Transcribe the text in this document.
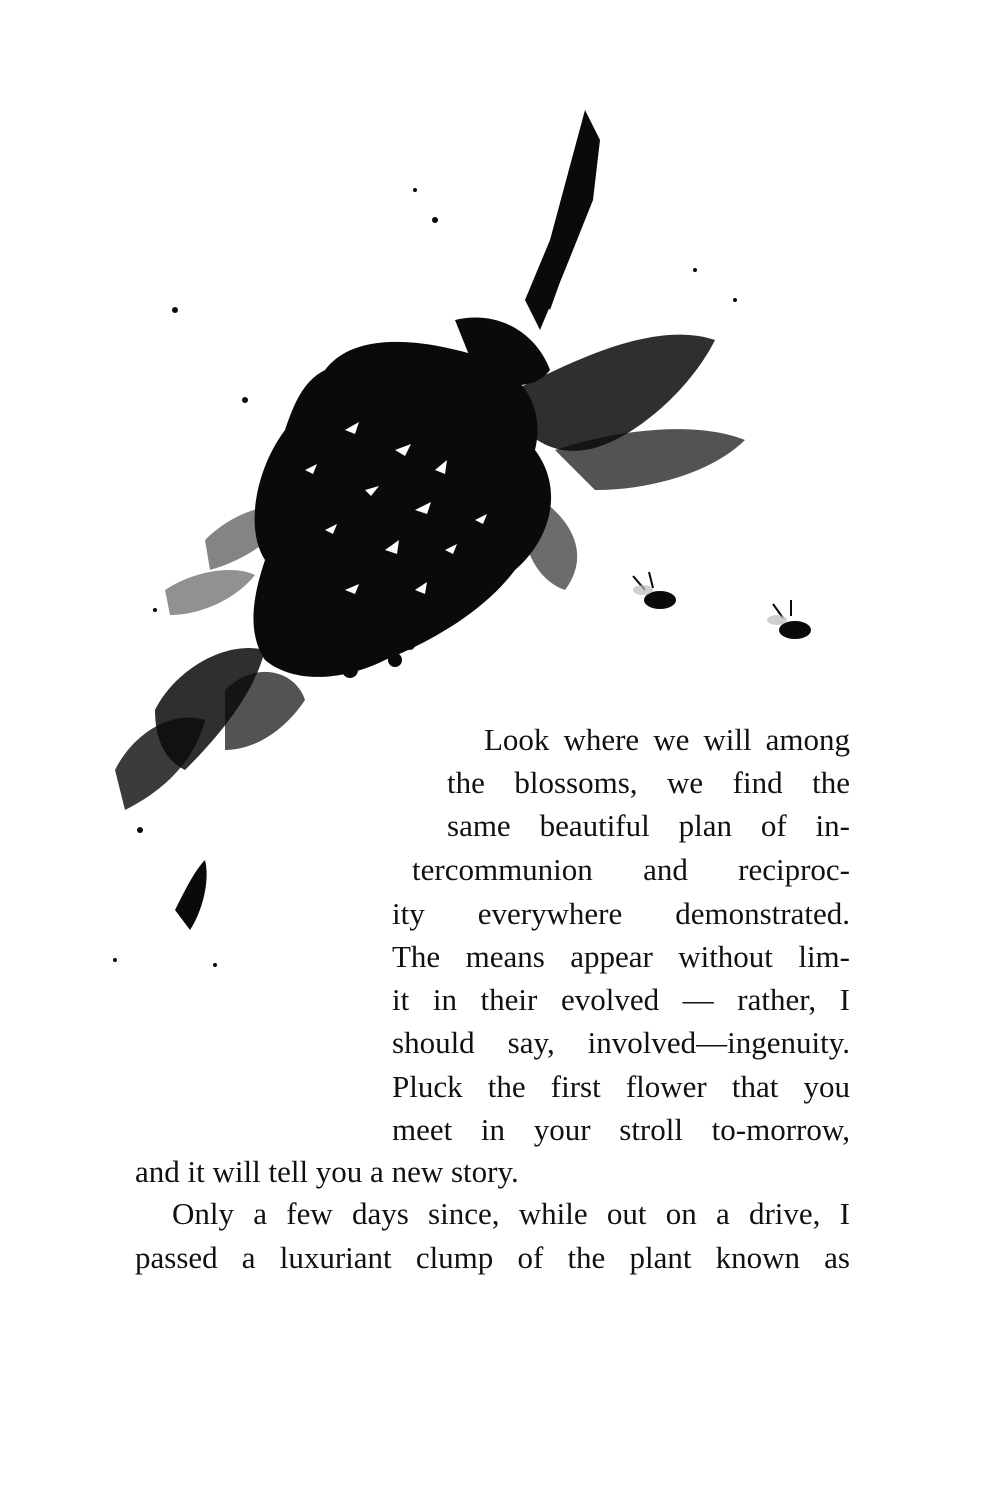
Look where we will among
the blossoms, we find the
same beautiful plan of in-
tercommunion and reciproc-
ity everywhere demonstrated.
The means appear without lim-
it in their evolved — rather, I
should say, involved—ingenuity.
Pluck the first flower that you
meet in your stroll to-morrow,
and it will tell you a new story.
Only a few days since, while out on a drive, I
passed a luxuriant clump of the plant known as
